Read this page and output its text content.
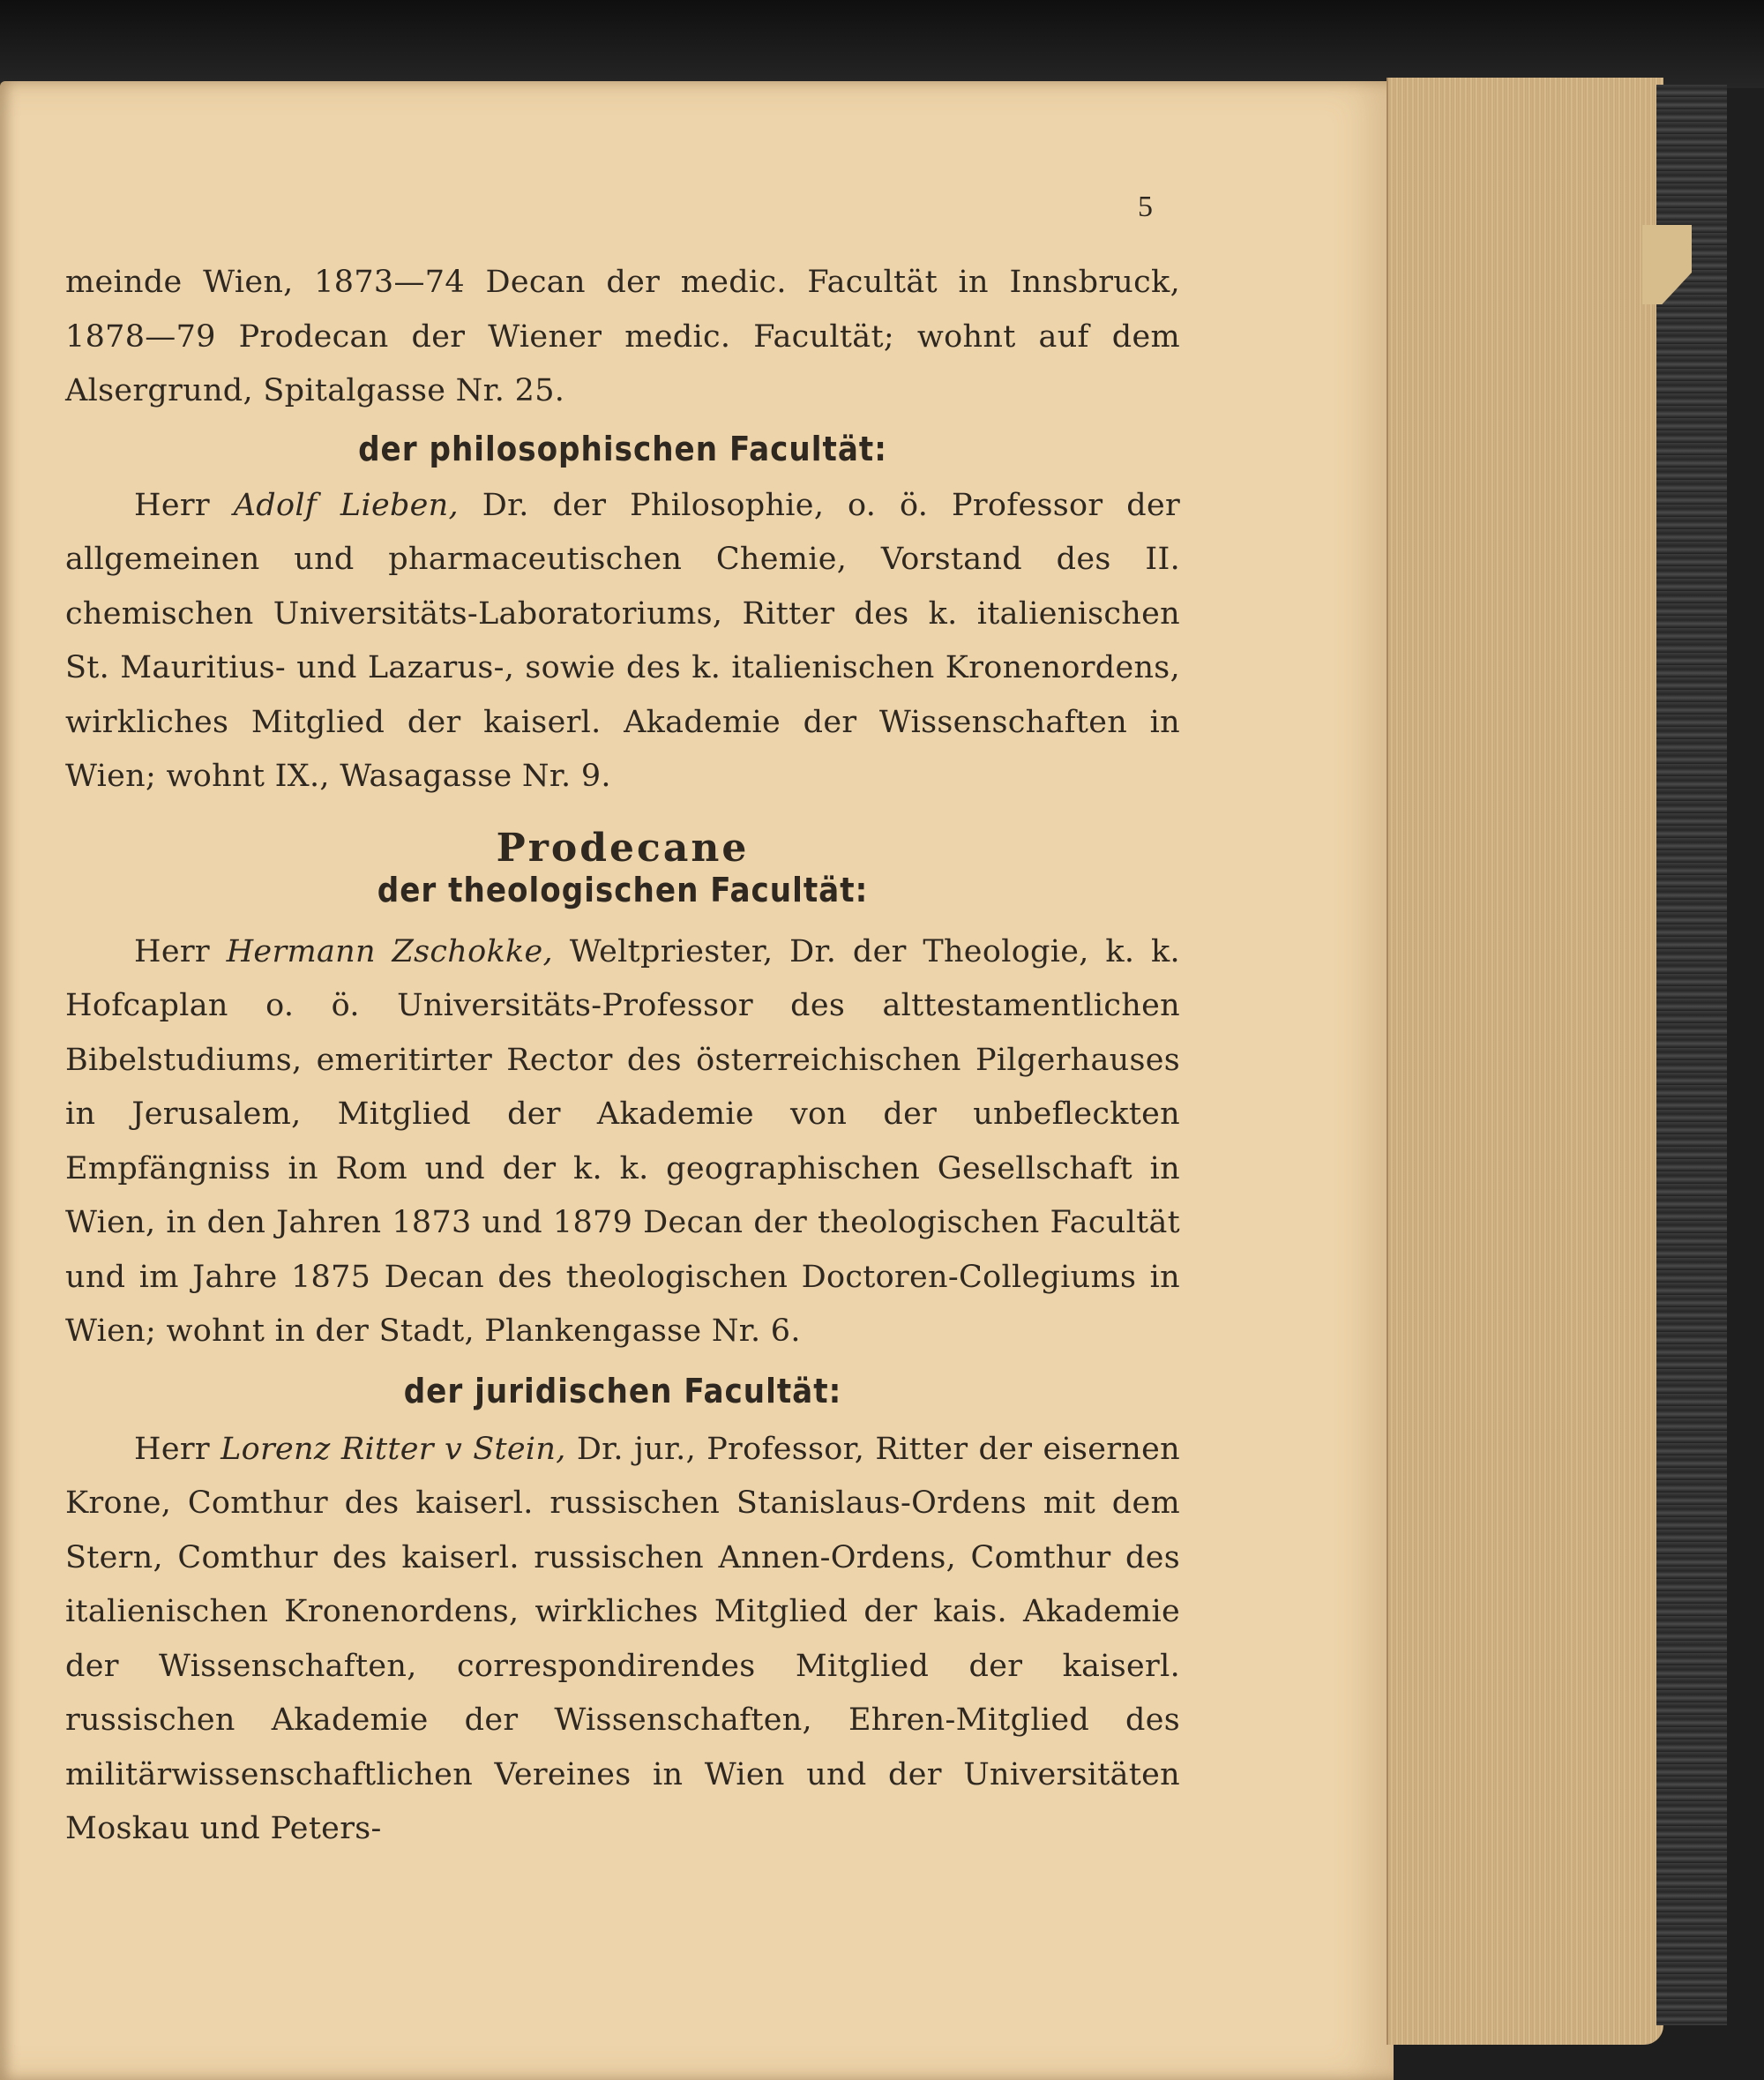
5

meinde Wien, 1873—74 Decan der medic. Facultät in Innsbruck, 1878—79 Prodecan der Wiener medic. Facultät; wohnt auf dem Alsergrund, Spitalgasse Nr. 25.

der philosophischen Facultät:

Herr Adolf Lieben, Dr. der Philosophie, o. ö. Professor der allgemeinen und pharmaceutischen Chemie, Vorstand des II. chemischen Universitäts-Laboratoriums, Ritter des k. italienischen St. Mauritius- und Lazarus-, sowie des k. italienischen Kronenordens, wirkliches Mitglied der kaiserl. Akademie der Wissenschaften in Wien; wohnt IX., Wasagasse Nr. 9.

Prodecane
der theologischen Facultät:

Herr Hermann Zschokke, Weltpriester, Dr. der Theologie, k. k. Hofcaplan o. ö. Universitäts-Professor des alttestamentlichen Bibelstudiums, emeritirter Rector des österreichischen Pilgerhauses in Jerusalem, Mitglied der Akademie von der unbefleckten Empfängniss in Rom und der k. k. geographischen Gesellschaft in Wien, in den Jahren 1873 und 1879 Decan der theologischen Facultät und im Jahre 1875 Decan des theologischen Doctoren-Collegiums in Wien; wohnt in der Stadt, Plankengasse Nr. 6.

der juridischen Facultät:

Herr Lorenz Ritter v Stein, Dr. jur., Professor, Ritter der eisernen Krone, Comthur des kaiserl. russischen Stanislaus-Ordens mit dem Stern, Comthur des kaiserl. russischen Annen-Ordens, Comthur des italienischen Kronenordens, wirkliches Mitglied der kais. Akademie der Wissenschaften, correspondirendes Mitglied der kaiserl. russischen Akademie der Wissenschaften, Ehren-Mitglied des militärwissenschaftlichen Vereines in Wien und der Universitäten Moskau und Peters-
